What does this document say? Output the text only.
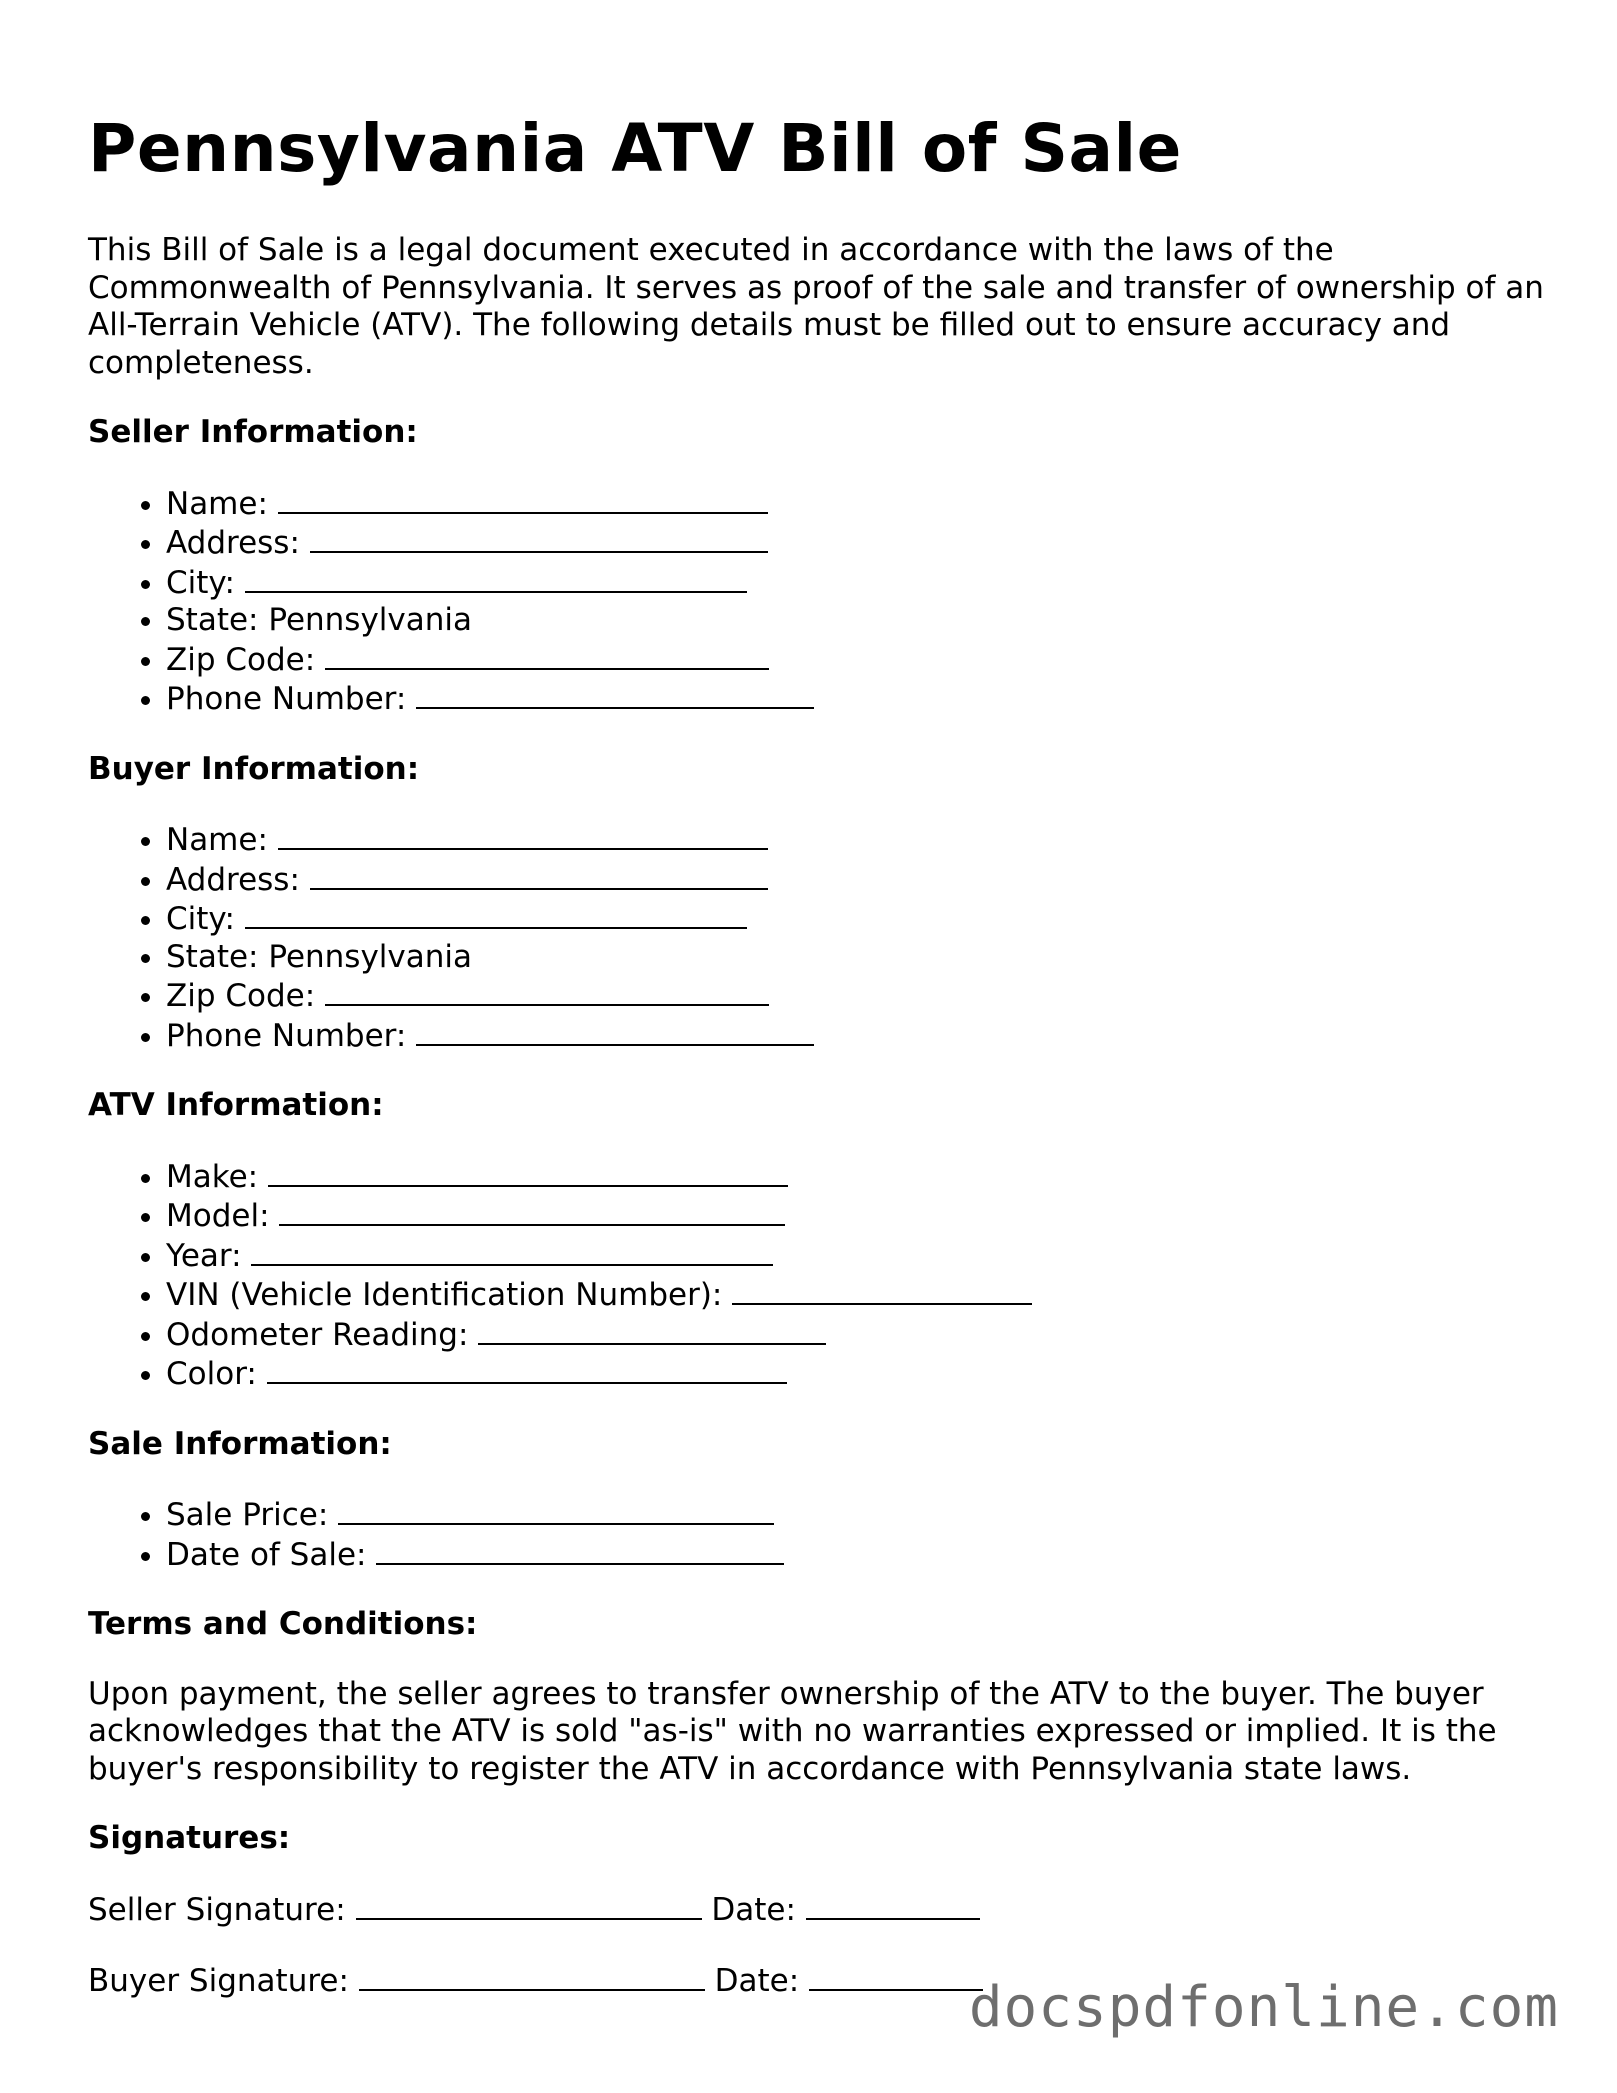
Pennsylvania ATV Bill of Sale

This Bill of Sale is a legal document executed in accordance with the laws of the Commonwealth of Pennsylvania. It serves as proof of the sale and transfer of ownership of an All-Terrain Vehicle (ATV). The following details must be filled out to ensure accuracy and completeness.

Seller Information:
• Name:
• Address:
• City:
• State: Pennsylvania
• Zip Code:
• Phone Number:
Buyer Information:
• Name:
• Address:
• City:
• State: Pennsylvania
• Zip Code:
• Phone Number:
ATV Information:
• Make:
• Model:
• Year:
• VIN (Vehicle Identification Number):
• Odometer Reading:
• Color:
Sale Information:
• Sale Price:
• Date of Sale:
Terms and Conditions:

Upon payment, the seller agrees to transfer ownership of the ATV to the buyer. The buyer acknowledges that the ATV is sold "as-is" with no warranties expressed or implied. It is the buyer's responsibility to register the ATV in accordance with Pennsylvania state laws.

Signatures:
Seller Signature:	Date:
Buyer Signature:	Date:	docspdfonline.com
